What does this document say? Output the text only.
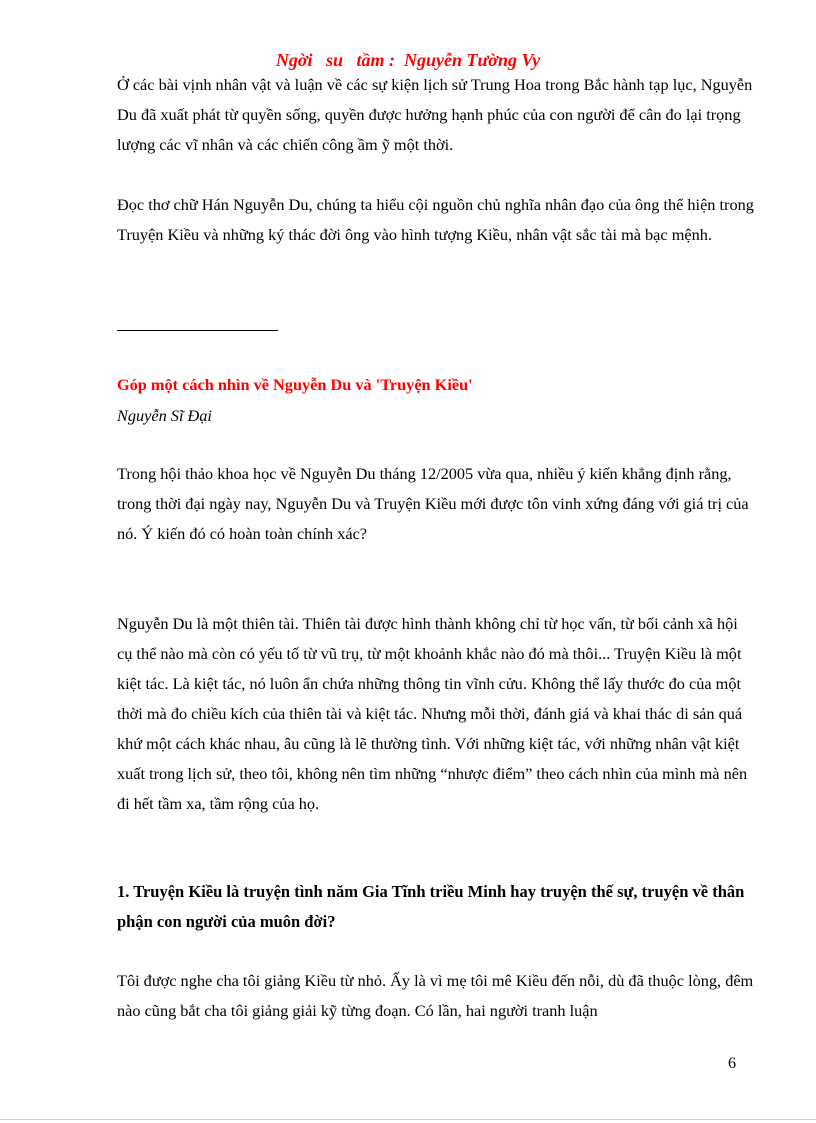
Ngời   su   tầm :  Nguyễn Tường Vy
Ở các bài vịnh nhân vật và luận về các sự kiện lịch sử Trung Hoa trong Bắc hành tạp lục, Nguyễn Du đã xuất phát từ quyền sống, quyền được hưởng hạnh phúc của con người để cân đo lại trọng lượng các vĩ nhân và các chiến công ầm ỹ một thời.
Đọc thơ chữ Hán Nguyễn Du, chúng ta hiểu cội nguồn chủ nghĩa nhân đạo của ông thể hiện trong Truyện Kiều và những ký thác đời ông vào hình tượng Kiều, nhân vật sắc tài mà bạc mệnh.
Góp một cách nhìn về Nguyễn Du và 'Truyện Kiều'
Nguyễn Sĩ Đại
Trong hội thảo khoa học về Nguyễn Du tháng 12/2005 vừa qua, nhiều ý kiến khẳng định rằng, trong thời đại ngày nay, Nguyễn Du và Truyện Kiều mới được tôn vinh xứng đáng với giá trị của nó. Ý kiến đó có hoàn toàn chính xác?
Nguyễn Du là một thiên tài. Thiên tài được hình thành không chỉ từ học vấn, từ bối cảnh xã hội cụ thể nào mà còn có yếu tố từ vũ trụ, từ một khoảnh khắc nào đó mà thôi... Truyện Kiều là một kiệt tác. Là kiệt tác, nó luôn ẩn chứa những thông tin vĩnh cửu. Không thể lấy thước đo của một thời mà đo chiều kích của thiên tài và kiệt tác. Nhưng mỗi thời, đánh giá và khai thác di sản quá khứ một cách khác nhau, âu cũng là lẽ thường tình. Với những kiệt tác, với những nhân vật kiệt xuất trong lịch sử, theo tôi, không nên tìm những “nhược điểm” theo cách nhìn của mình mà nên đi hết tầm xa, tầm rộng của họ.
1. Truyện Kiều là truyện tình năm Gia Tĩnh triều Minh hay truyện thế sự, truyện về thân phận con người của muôn đời?
Tôi được nghe cha tôi giảng Kiều từ nhỏ. Ấy là vì mẹ tôi mê Kiều đến nỗi, dù đã thuộc lòng, đêm nào cũng bắt cha tôi giảng giải kỹ từng đoạn. Có lần, hai người tranh luận
6
